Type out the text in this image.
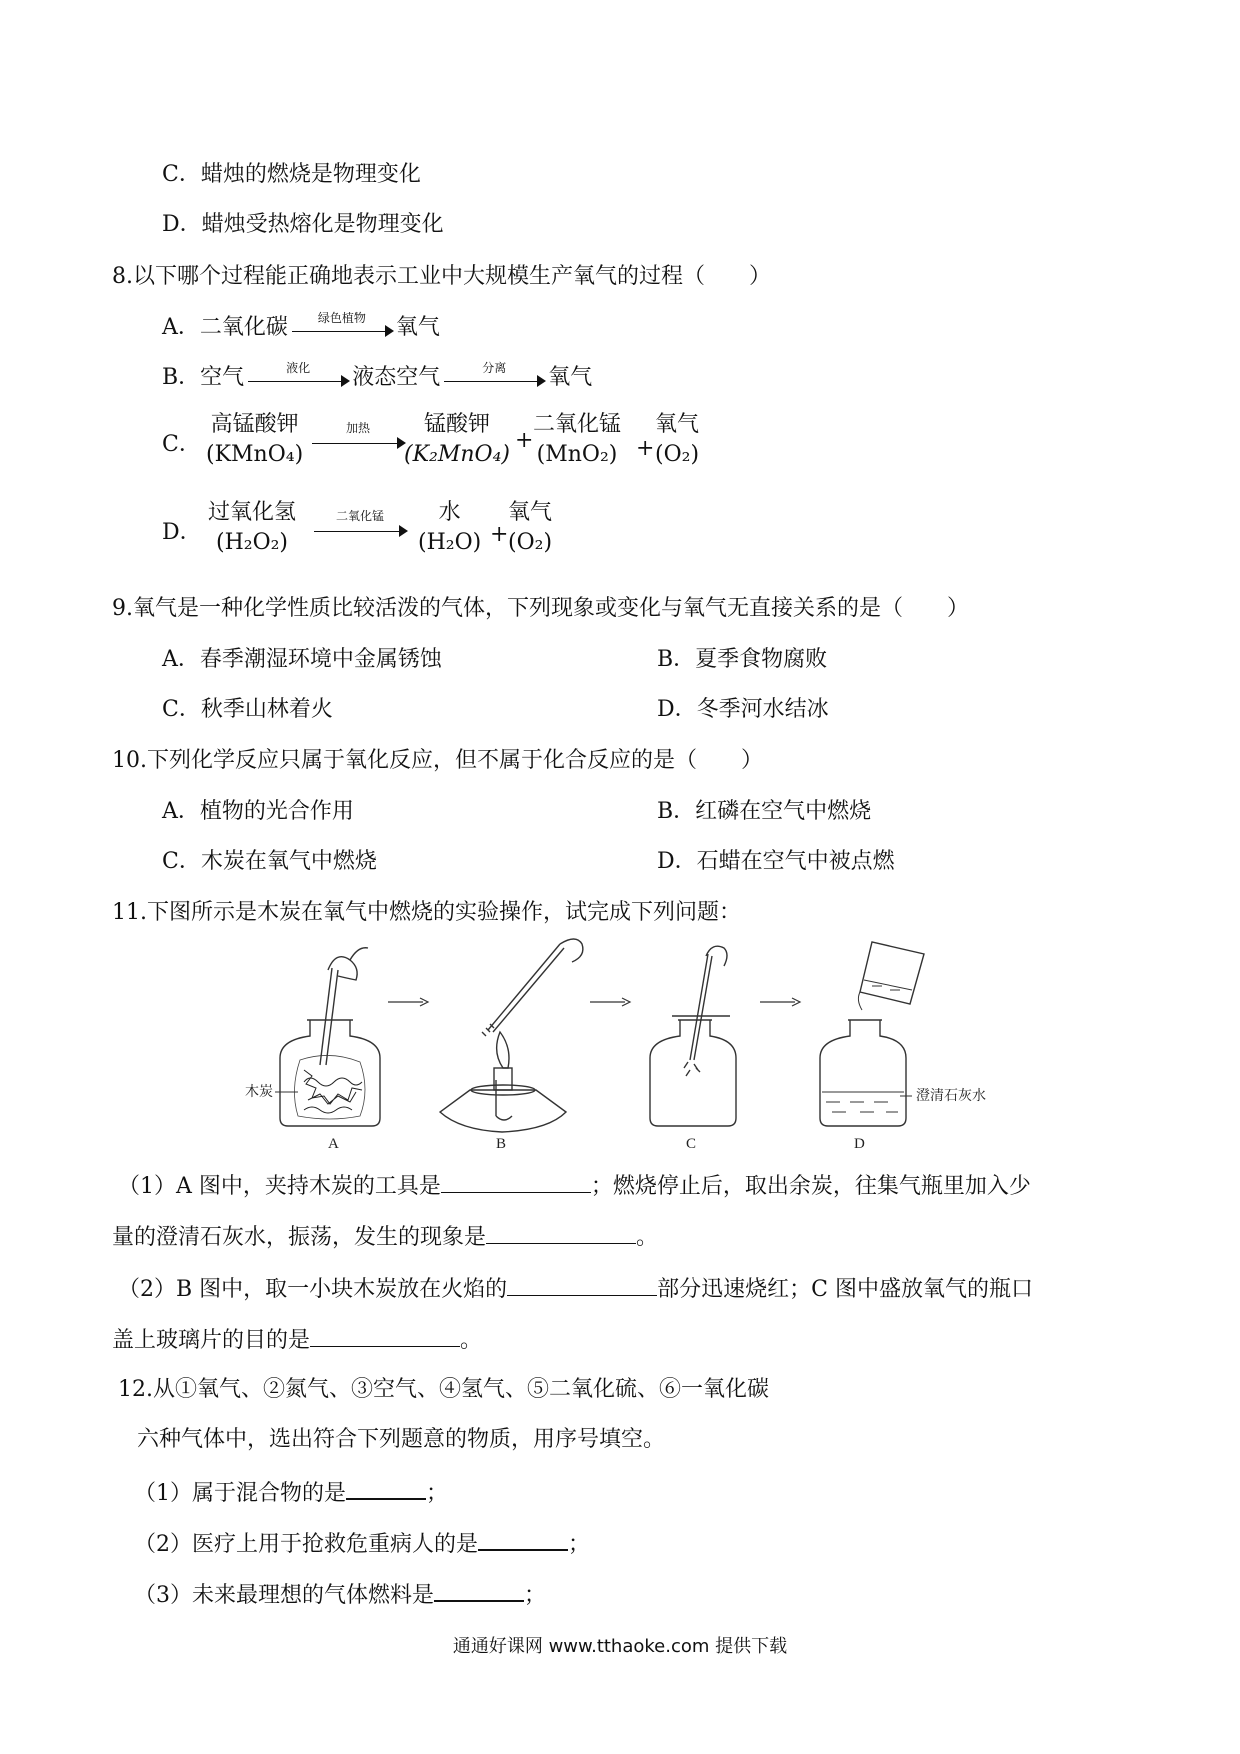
C．蜡烛的燃烧是物理变化
D．蜡烛受热熔化是物理变化
8.以下哪个过程能正确地表示工业中大规模生产氧气的过程（　　）
A．二氧化碳	绿色植物	氧气
B．空气	液化	液态空气	分离	氧气
C．
高锰酸钾
(KMnO₄)
加热	锰酸钾
(K₂MnO₄)
+
二氧化锰
(MnO₂) +
氧气
(O₂)
D．
过氧化氢
(H₂O₂)
二氧化锰	水
(H₂O) +
氧气
(O₂)
9.氧气是一种化学性质比较活泼的气体，下列现象或变化与氧气无直接关系的是（　　）
A．春季潮湿环境中金属锈蚀	B．夏季食物腐败
C．秋季山林着火	D．冬季河水结冰
10.下列化学反应只属于氧化反应，但不属于化合反应的是（　　）
A．植物的光合作用	B．红磷在空气中燃烧
C．木炭在氧气中燃烧	D．石蜡在空气中被点燃
11.下图所示是木炭在氧气中燃烧的实验操作，试完成下列问题：
木炭
A	B	C
澄清石灰水
D
（1）A 图中，夹持木炭的工具是	；燃烧停止后，取出余炭，往集气瓶里加入少
量的澄清石灰水，振荡，发生的现象是	。
（2）B 图中，取一小块木炭放在火焰的	部分迅速烧红；C 图中盛放氧气的瓶口
盖上玻璃片的目的是	。
12.从①氧气、②氮气、③空气、④氢气、⑤二氧化硫、⑥一氧化碳
六种气体中，选出符合下列题意的物质，用序号填空。
（1）属于混合物的是	；
（2）医疗上用于抢救危重病人的是	；
（3）未来最理想的气体燃料是	；
通通好课网 www.tthaoke.com 提供下载
